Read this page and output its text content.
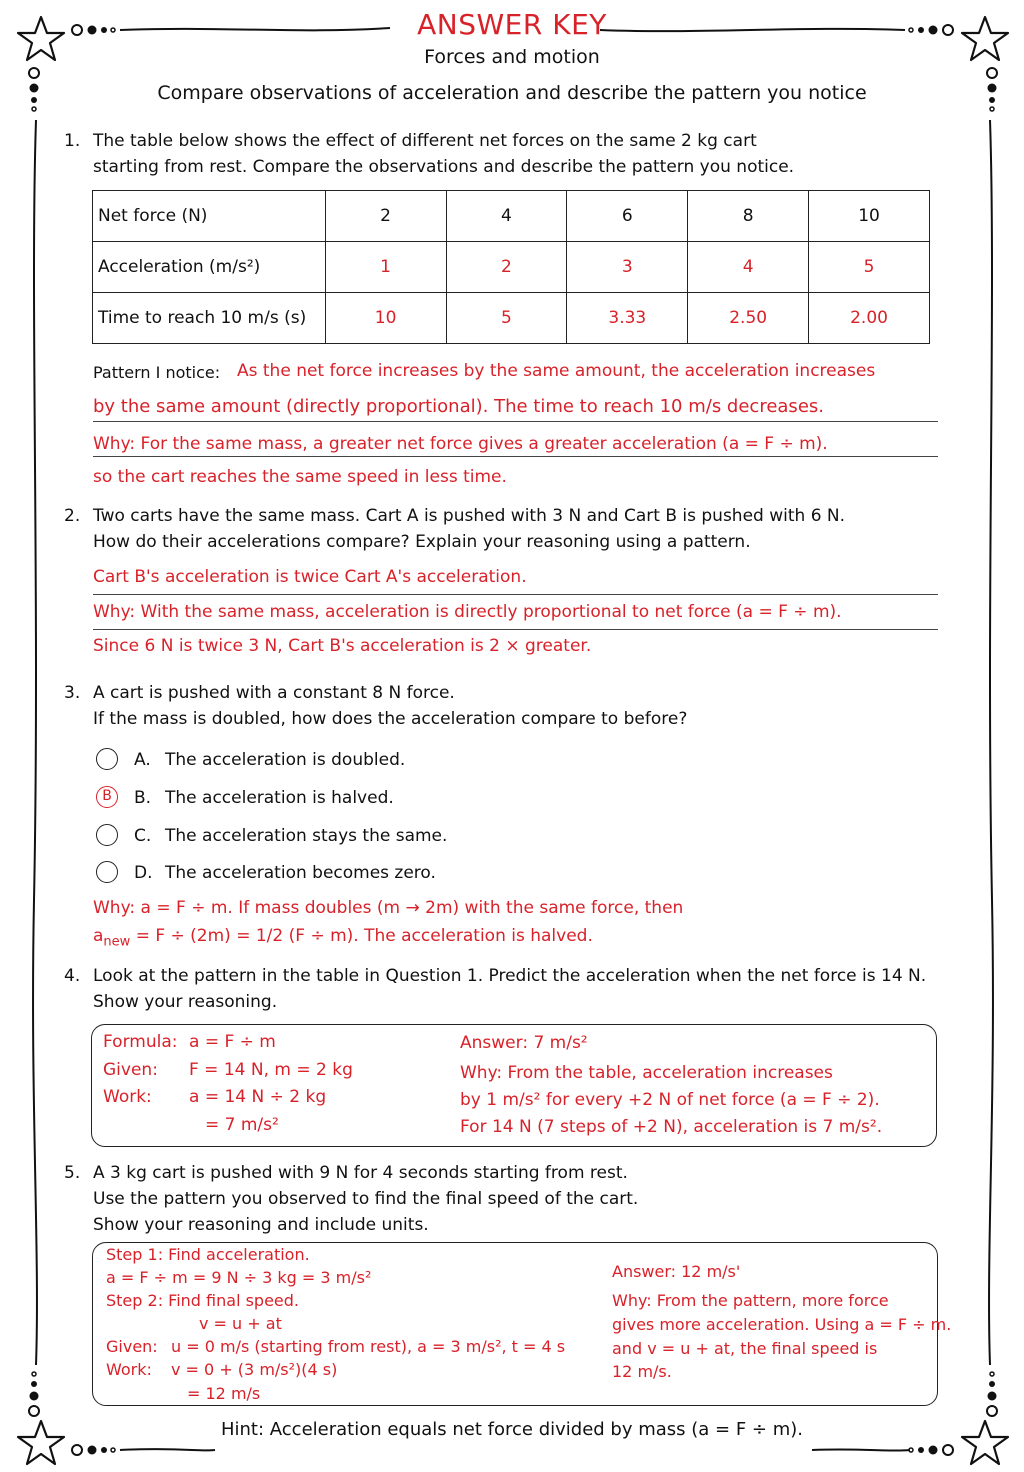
ANSWER KEY
Forces and motion
Compare observations of acceleration and describe the pattern you notice
1. The table below shows the effect of different net forces on the same 2 kg cart
starting from rest. Compare the observations and describe the pattern you notice.
Net force (N)	2	4	6	8	10
Acceleration (m/s²)	1	2	3	4	5
Time to reach 10 m/s (s)	10	5	3.33	2.50	2.00
Pattern I notice: As the net force increases by the same amount, the acceleration increases
by the same amount (directly proportional). The time to reach 10 m/s decreases.
Why: For the same mass, a greater net force gives a greater acceleration (a = F ÷ m).
so the cart reaches the same speed in less time.
2. Two carts have the same mass. Cart A is pushed with 3 N and Cart B is pushed with 6 N.
How do their accelerations compare? Explain your reasoning using a pattern.
Cart B's acceleration is twice Cart A's acceleration.
Why: With the same mass, acceleration is directly proportional to net force (a = F ÷ m).
Since 6 N is twice 3 N, Cart B's acceleration is 2 × greater.
3. A cart is pushed with a constant 8 N force.
If the mass is doubled, how does the acceleration compare to before?
A. The acceleration is doubled.
B	B. The acceleration is halved.
C. The acceleration stays the same.
D. The acceleration becomes zero.
Why: a = F ÷ m. If mass doubles (m → 2m) with the same force, then
$a_{new} = F \div (2m) = 1/2$ (F ÷ m). The acceleration is halved.
4. Look at the pattern in the table in Question 1. Predict the acceleration when the net force is 14 N.
Show your reasoning.
Formula: a = F ÷ m
Given: F = 14 N, m = 2 kg
Work: a = 14 N ÷ 2 kg
= 7 m/s²
Answer: 7 m/s²
Why: From the table, acceleration increases
by 1 m/s² for every +2 N of net force (a = F ÷ 2).
For 14 N (7 steps of +2 N), acceleration is 7 m/s².
5. A 3 kg cart is pushed with 9 N for 4 seconds starting from rest.
Use the pattern you observed to find the final speed of the cart.
Show your reasoning and include units.
Step 1: Find acceleration.
a = F ÷ m = 9 N ÷ 3 kg = 3 m/s²
Step 2: Find final speed.
v = u + at
Given: u = 0 m/s (starting from rest), a = 3 m/s², t = 4 s
Work: v = 0 + (3 m/s²)(4 s)
= 12 m/s
Answer: 12 m/s'
Why: From the pattern, more force
gives more acceleration. Using a = F ÷ m.
and v = u + at, the final speed is
12 m/s.
Hint: Acceleration equals net force divided by mass (a = F ÷ m).
